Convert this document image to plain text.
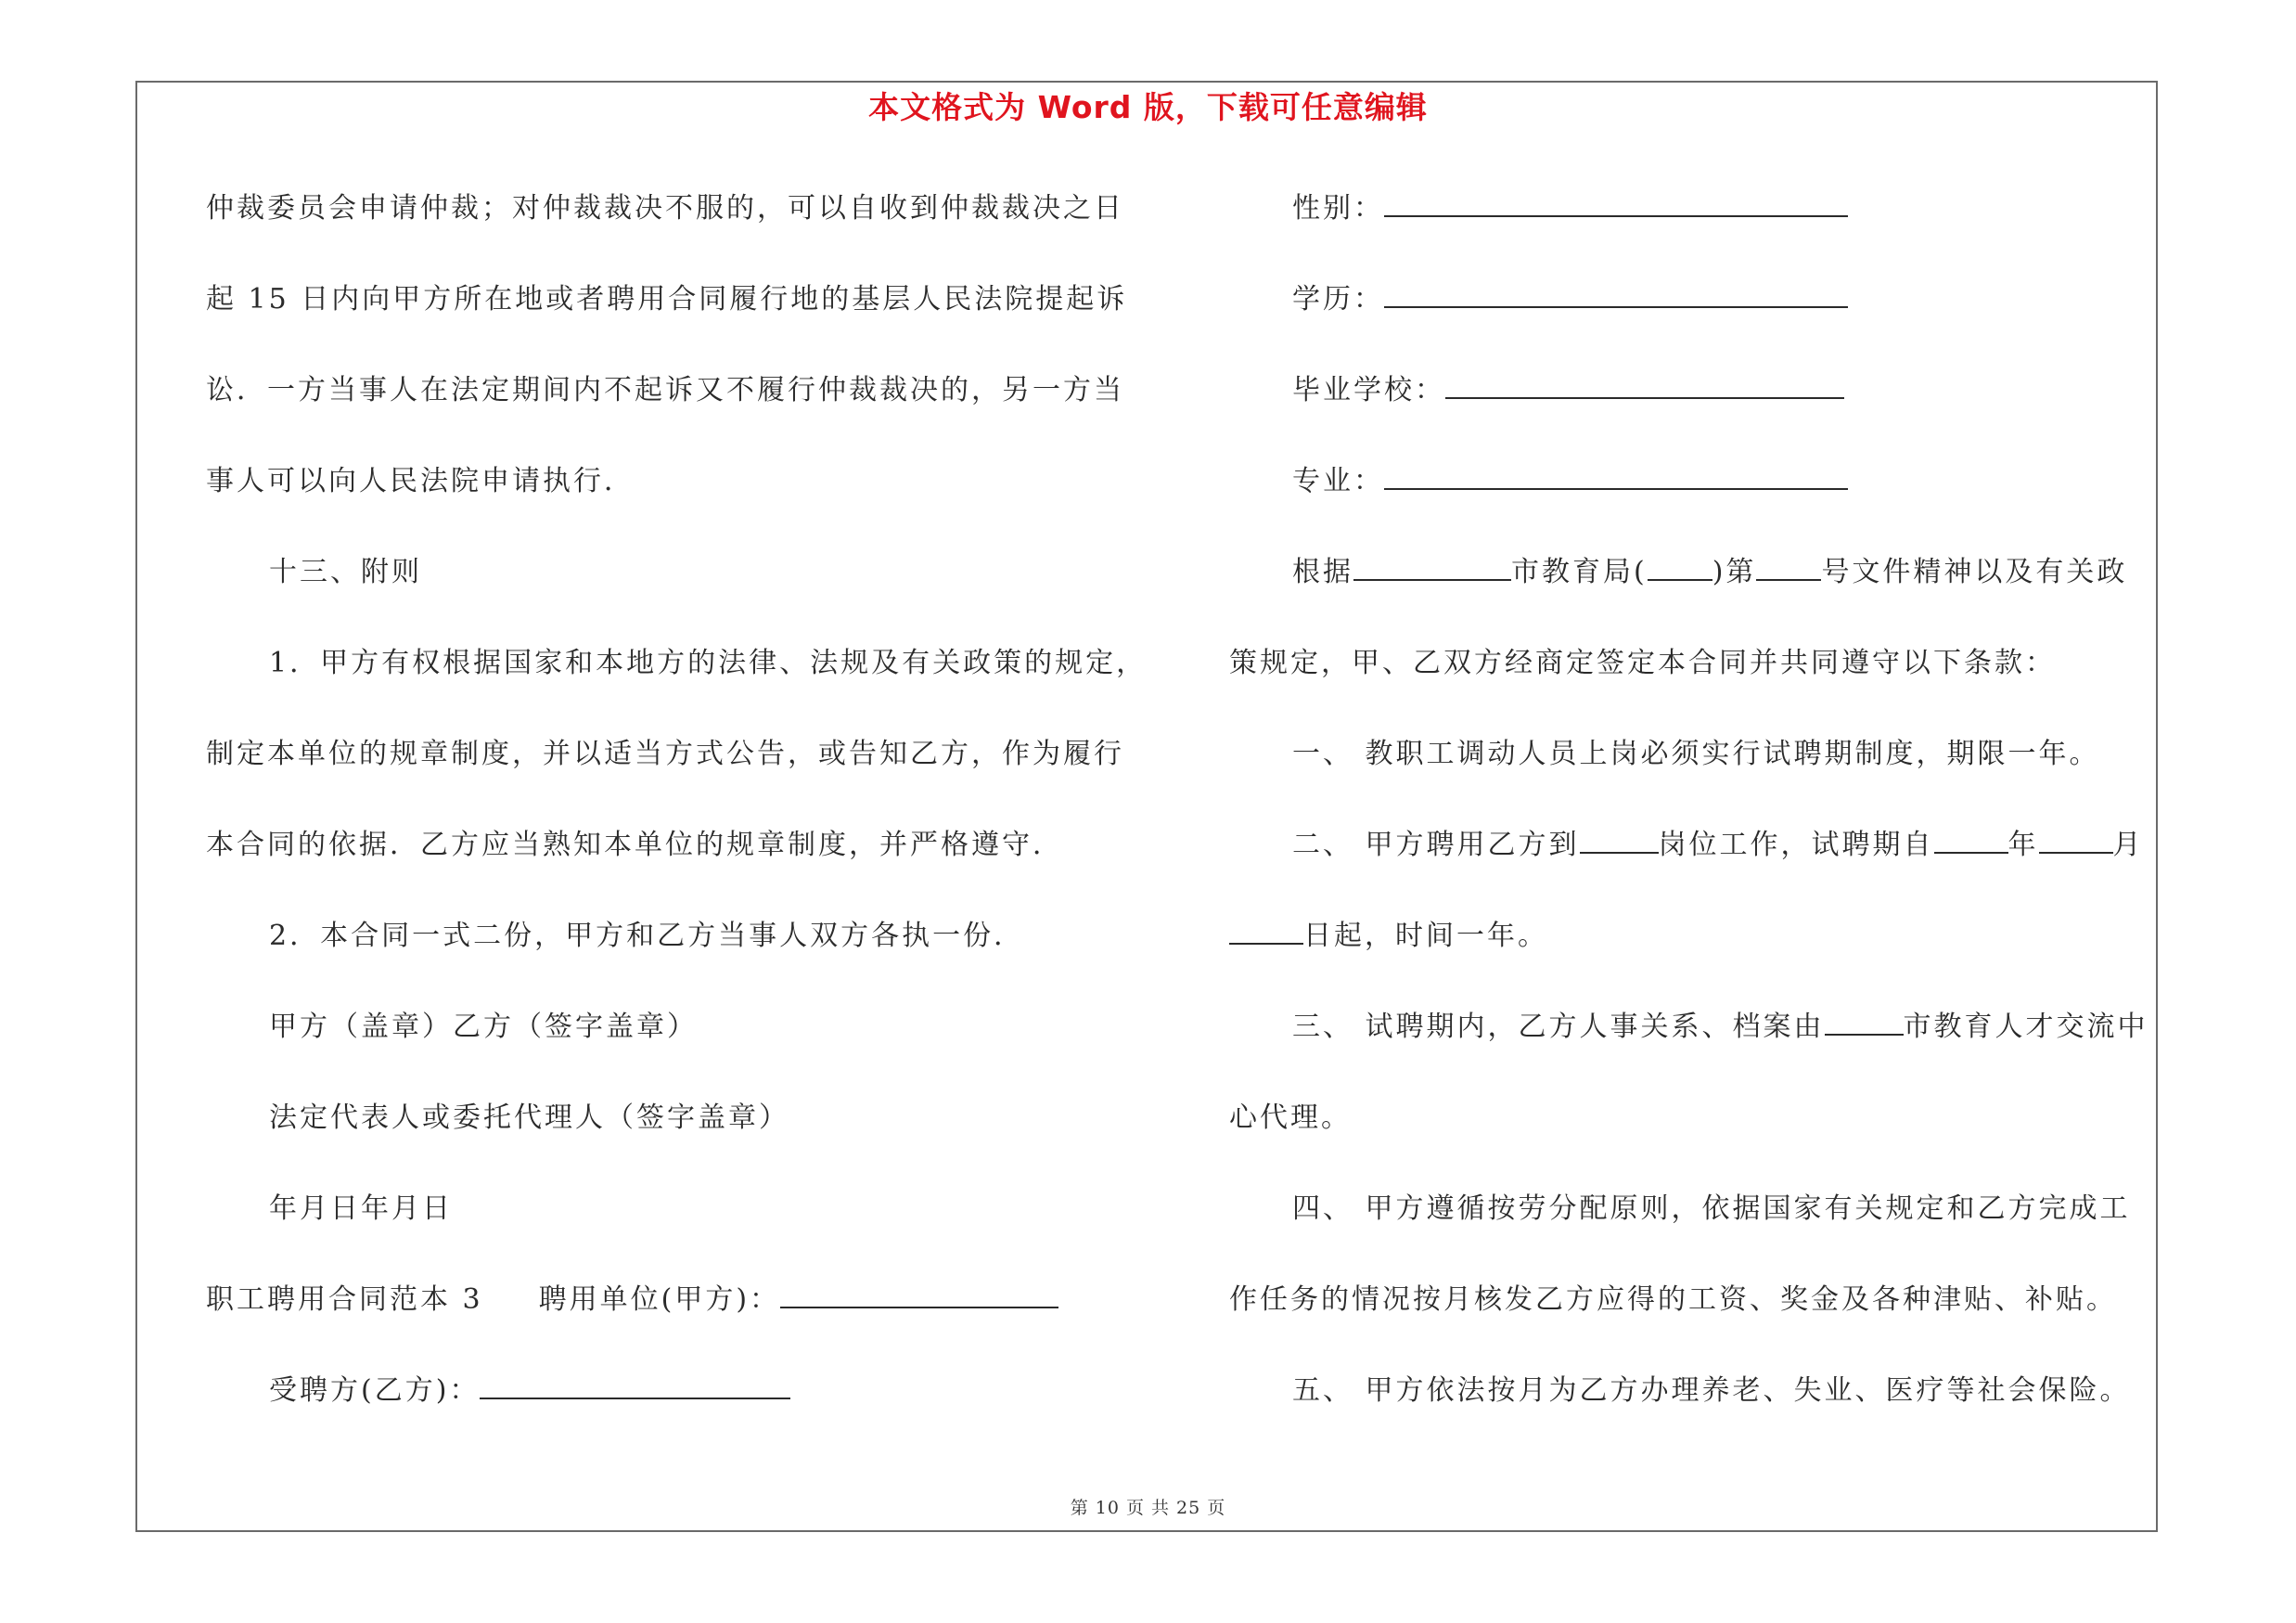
本文格式为 Word 版，下载可任意编辑
仲裁委员会申请仲裁；对仲裁裁决不服的，可以自收到仲裁裁决之日
起 15 日内向甲方所在地或者聘用合同履行地的基层人民法院提起诉
讼．一方当事人在法定期间内不起诉又不履行仲裁裁决的，另一方当
事人可以向人民法院申请执行．
十三、附则
1．甲方有权根据国家和本地方的法律、法规及有关政策的规定，
制定本单位的规章制度，并以适当方式公告，或告知乙方，作为履行
本合同的依据．乙方应当熟知本单位的规章制度，并严格遵守．
2．本合同一式二份，甲方和乙方当事人双方各执一份．
甲方（盖章）乙方（签字盖章）
法定代表人或委托代理人（签字盖章）
年月日年月日
职工聘用合同范本 3 聘用单位(甲方)：
受聘方(乙方)：
性别：
学历：
毕业学校：
专业：
根据	市教育局( )第 号文件精神以及有关政
策规定，甲、乙双方经商定签定本合同并共同遵守以下条款：
一、 教职工调动人员上岗必须实行试聘期制度，期限一年。
二、 甲方聘用乙方到	岗位工作，试聘期自	年	月
日起，时间一年。
三、 试聘期内，乙方人事关系、档案由	市教育人才交流中
心代理。
四、 甲方遵循按劳分配原则，依据国家有关规定和乙方完成工
作任务的情况按月核发乙方应得的工资、奖金及各种津贴、补贴。
五、 甲方依法按月为乙方办理养老、失业、医疗等社会保险。
第 10 页 共 25 页
